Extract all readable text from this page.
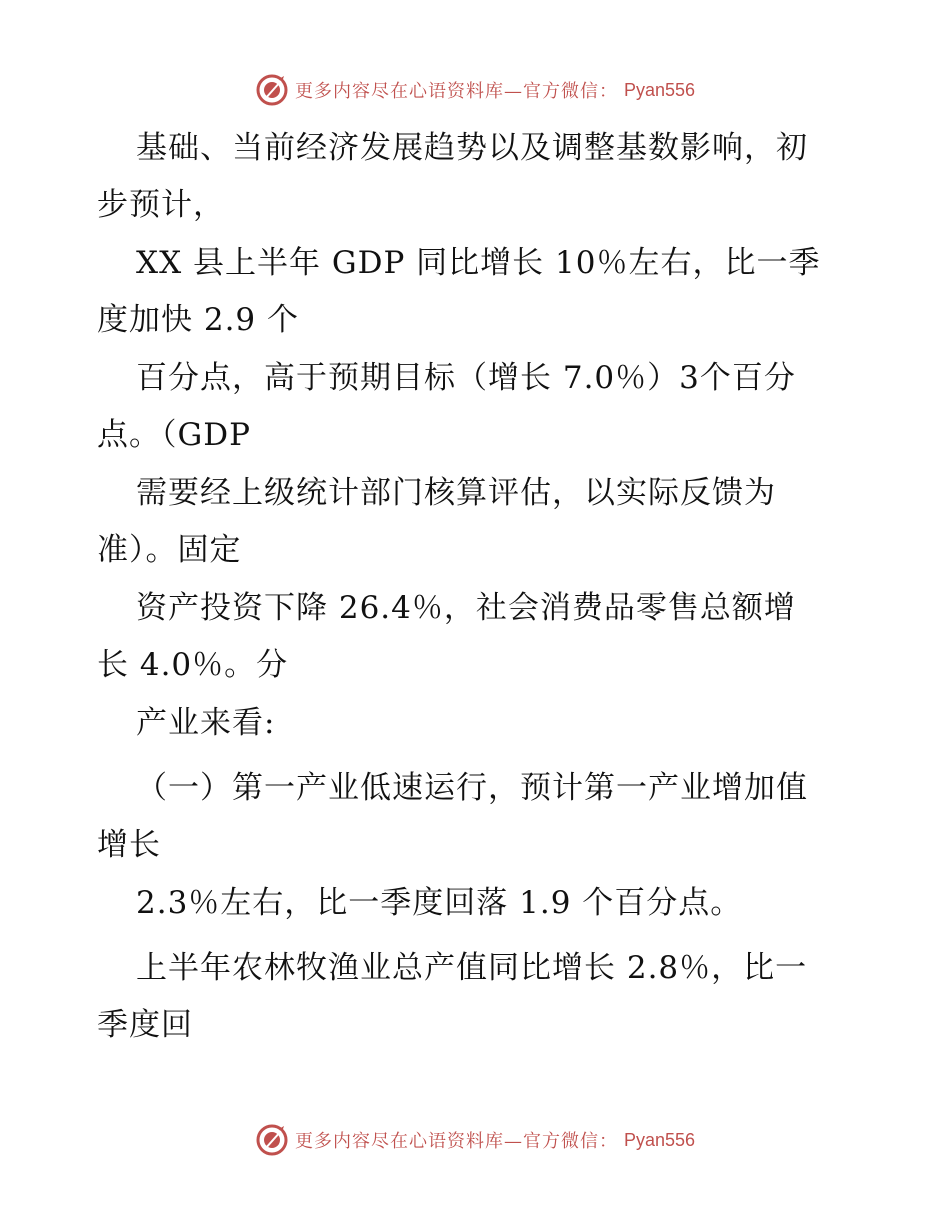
更多内容尽在心语资料库—官方微信： Pyan556
基础、当前经济发展趋势以及调整基数影响，初
步预计，
XX 县上半年 GDP 同比增长 10％左右，比一季
度加快 2.9 个
百分点，高于预期目标（增长 7.0％）3个百分
点。（GDP
需要经上级统计部门核算评估，以实际反馈为
准）。固定
资产投资下降 26.4％，社会消费品零售总额增
长 4.0％。分
产业来看:
（一）第一产业低速运行，预计第一产业增加值
增长
2.3％左右，比一季度回落 1.9 个百分点。
上半年农林牧渔业总产值同比增长 2.8％，比一
季度回
更多内容尽在心语资料库—官方微信： Pyan556
